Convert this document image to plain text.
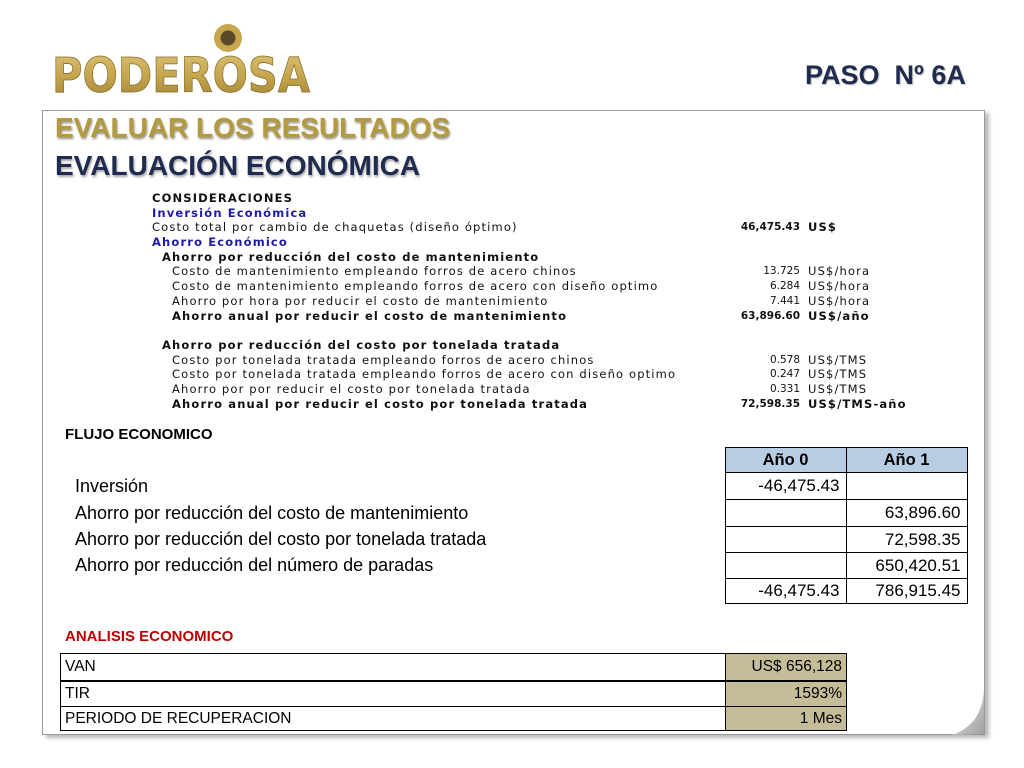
PODEROSA	PASO  Nº 6A
EVALUAR LOS RESULTADOS
EVALUACIÓN ECONÓMICA
CONSIDERACIONES
Inversión Económica
Costo total por cambio de chaquetas (diseño óptimo)	46,475.43 US$
Ahorro Económico
Ahorro por reducción del costo de mantenimiento
Costo de mantenimiento empleando forros de acero chinos	13.725 US$/hora
Costo de mantenimiento empleando forros de acero con diseño optimo	6.284 US$/hora
Ahorro por hora por reducir el costo de mantenimiento	7.441 US$/hora
Ahorro anual por reducir el costo de mantenimiento	63,896.60 US$/año
Ahorro por reducción del costo por tonelada tratada
Costo por tonelada tratada empleando forros de acero chinos	0.578 US$/TMS
Costo por tonelada tratada empleando forros de acero con diseño optimo	0.247 US$/TMS
Ahorro por por reducir el costo por tonelada tratada	0.331 US$/TMS
Ahorro anual por reducir el costo por tonelada tratada	72,598.35 US$/TMS-año
FLUJO ECONOMICO
	Año 0	Año 1
Inversión	-46,475.43	
Ahorro por reducción del costo de mantenimiento		63,896.60
Ahorro por reducción del costo por tonelada tratada		72,598.35
Ahorro por reducción del número de paradas		650,420.51
	-46,475.43	786,915.45
ANALISIS ECONOMICO
VAN	US$ 656,128
TIR	1593%
PERIODO DE RECUPERACION	1 Mes
